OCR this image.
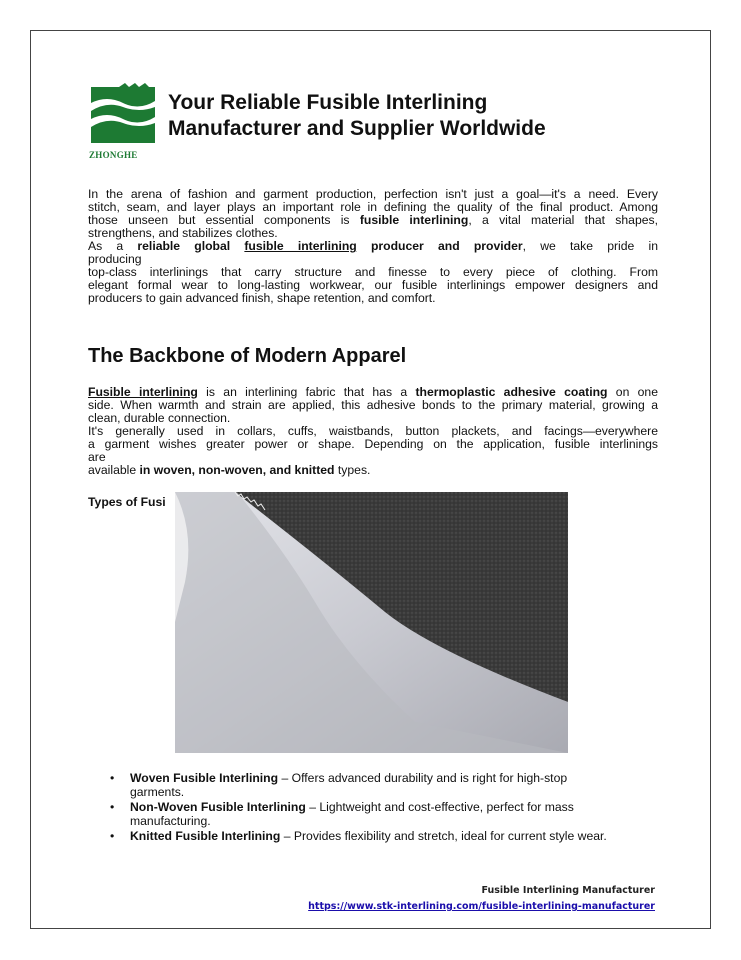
ZHONGHE
Your Reliable Fusible Interlining
Manufacturer and Supplier Worldwide
In the arena of fashion and garment production, perfection isn't just a goal—it's a need. Every
stitch, seam, and layer plays an important role in defining the quality of the final product. Among
those unseen but essential components is fusible interlining, a vital material that shapes,
strengthens, and stabilizes clothes.
As a reliable global fusible interlining producer and provider, we take pride in
producing
top-class interlinings that carry structure and finesse to every piece of clothing. From
elegant formal wear to long-lasting workwear, our fusible interlinings empower designers and
producers to gain advanced finish, shape retention, and comfort.
The Backbone of Modern Apparel
Fusible interlining is an interlining fabric that has a thermoplastic adhesive coating on one
side. When warmth and strain are applied, this adhesive bonds to the primary material, growing a
clean, durable connection.
It's generally used in collars, cuffs, waistbands, button plackets, and facings—everywhere
a garment wishes greater power or shape. Depending on the application, fusible interlinings
are
available in woven, non-woven, and knitted types.
Types of Fusi
• Woven Fusible Interlining – Offers advanced durability and is right for high-stop
garments.
• Non-Woven Fusible Interlining – Lightweight and cost-effective, perfect for mass
manufacturing.
• Knitted Fusible Interlining – Provides flexibility and stretch, ideal for current style wear.
Fusible Interlining Manufacturer
https://www.stk-interlining.com/fusible-interlining-manufacturer
